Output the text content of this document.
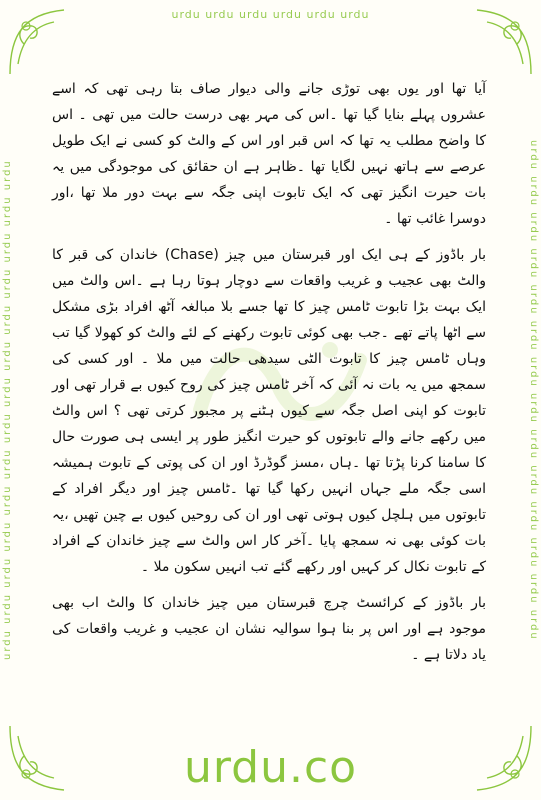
urdu urdu urdu urdu urdu urdu
urdu urdu urdu urdu urdu urdu urdu urdu urdu urdu urdu urdu urdu urdu	urdu urdu urdu urdu urdu urdu urdu urdu urdu urdu urdu urdu urdu urdu

آیا تھا اور یوں بھی توڑی جانے والی دیوار صاف بتا رہی تھی کہ اسے عشروں پہلے بنایا گیا تھا ۔اس کی مہر بھی درست حالت میں تھی ۔ اس کا واضح مطلب یہ تھا کہ اس قبر اور اس کے والٹ کو کسی نے ایک طویل عرصے سے ہاتھ نہیں لگایا تھا ۔ظاہر ہے ان حقائق کی موجودگی میں یہ بات حیرت انگیز تھی کہ ایک تابوت اپنی جگہ سے بہت دور ملا تھا ،اور دوسرا غائب تھا ۔

بار باڈوز کے ہی ایک اور قبرستان میں چیز (Chase) خاندان کی قبر کا والٹ بھی عجیب و غریب واقعات سے دوچار ہوتا رہا ہے ۔اس والٹ میں ایک بہت بڑا تابوت ٹامس چیز کا تھا جسے بلا مبالغہ آٹھ افراد بڑی مشکل سے اٹھا پاتے تھے ۔جب بھی کوئی تابوت رکھنے کے لئے والٹ کو کھولا گیا تب وہاں ٹامس چیز کا تابوت الٹی سیدھی حالت میں ملا ۔ اور کسی کی سمجھ میں یہ بات نہ آئی کہ آخر ٹامس چیز کی روح کیوں بے قرار تھی اور تابوت کو اپنی اصل جگہ سے کیوں ہٹنے پر مجبور کرتی تھی ؟ اس والٹ میں رکھے جانے والے تابوتوں کو حیرت انگیز طور پر ایسی ہی صورت حال کا سامنا کرنا پڑتا تھا ۔ہاں ،مسز گوڈرڈ اور ان کی پوتی کے تابوت ہمیشہ اسی جگہ ملے جہاں انہیں رکھا گیا تھا ۔ٹامس چیز اور دیگر افراد کے تابوتوں میں ہلچل کیوں ہوتی تھی اور ان کی روحیں کیوں بے چین تھیں ،یہ بات کوئی بھی نہ سمجھ پایا ۔آخر کار اس والٹ سے چیز خاندان کے افراد کے تابوت نکال کر کہیں اور رکھے گئے تب انہیں سکون ملا ۔

بار باڈوز کے کرائسٹ چرچ قبرستان میں چیز خاندان کا والٹ اب بھی موجود ہے اور اس پر بنا ہوا سوالیہ نشان ان عجیب و غریب واقعات کی یاد دلاتا ہے ۔

urdu.co
